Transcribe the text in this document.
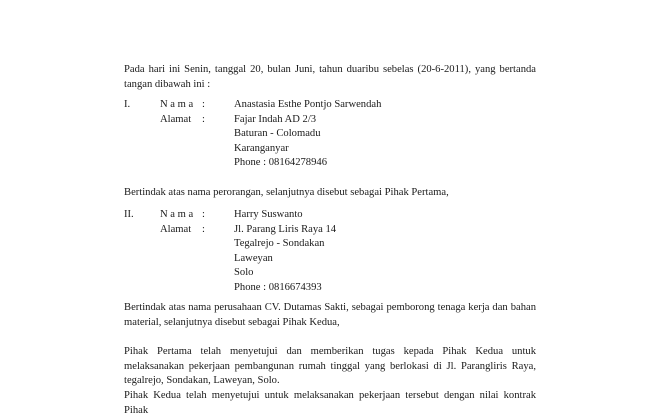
Pada hari ini Senin, tanggal 20, bulan Juni, tahun duaribu sebelas (20-6-2011), yang bertanda tangan dibawah ini :

I.	N a m a :	Anastasia Esthe Pontjo Sarwendah
Alamat :	Fajar Indah AD 2/3
Baturan - Colomadu
Karanganyar
Phone : 08164278946

Bertindak atas nama perorangan, selanjutnya disebut sebagai Pihak Pertama,

II. N a m a :	Harry Suswanto
Alamat :	Jl. Parang Liris Raya 14
Tegalrejo - Sondakan
Laweyan
Solo
Phone : 0816674393

Bertindak atas nama perusahaan CV. Dutamas Sakti, sebagai pemborong tenaga kerja dan bahan material, selanjutnya disebut sebagai Pihak Kedua,

Pihak Pertama telah menyetujui dan memberikan tugas kepada Pihak Kedua untuk melaksanakan pekerjaan pembangunan rumah tinggal yang berlokasi di Jl. Parangliris Raya, tegalrejo, Sondakan, Laweyan, Solo.

Pihak Kedua telah menyetujui untuk melaksanakan pekerjaan tersebut dengan nilai kontrak Pihak
